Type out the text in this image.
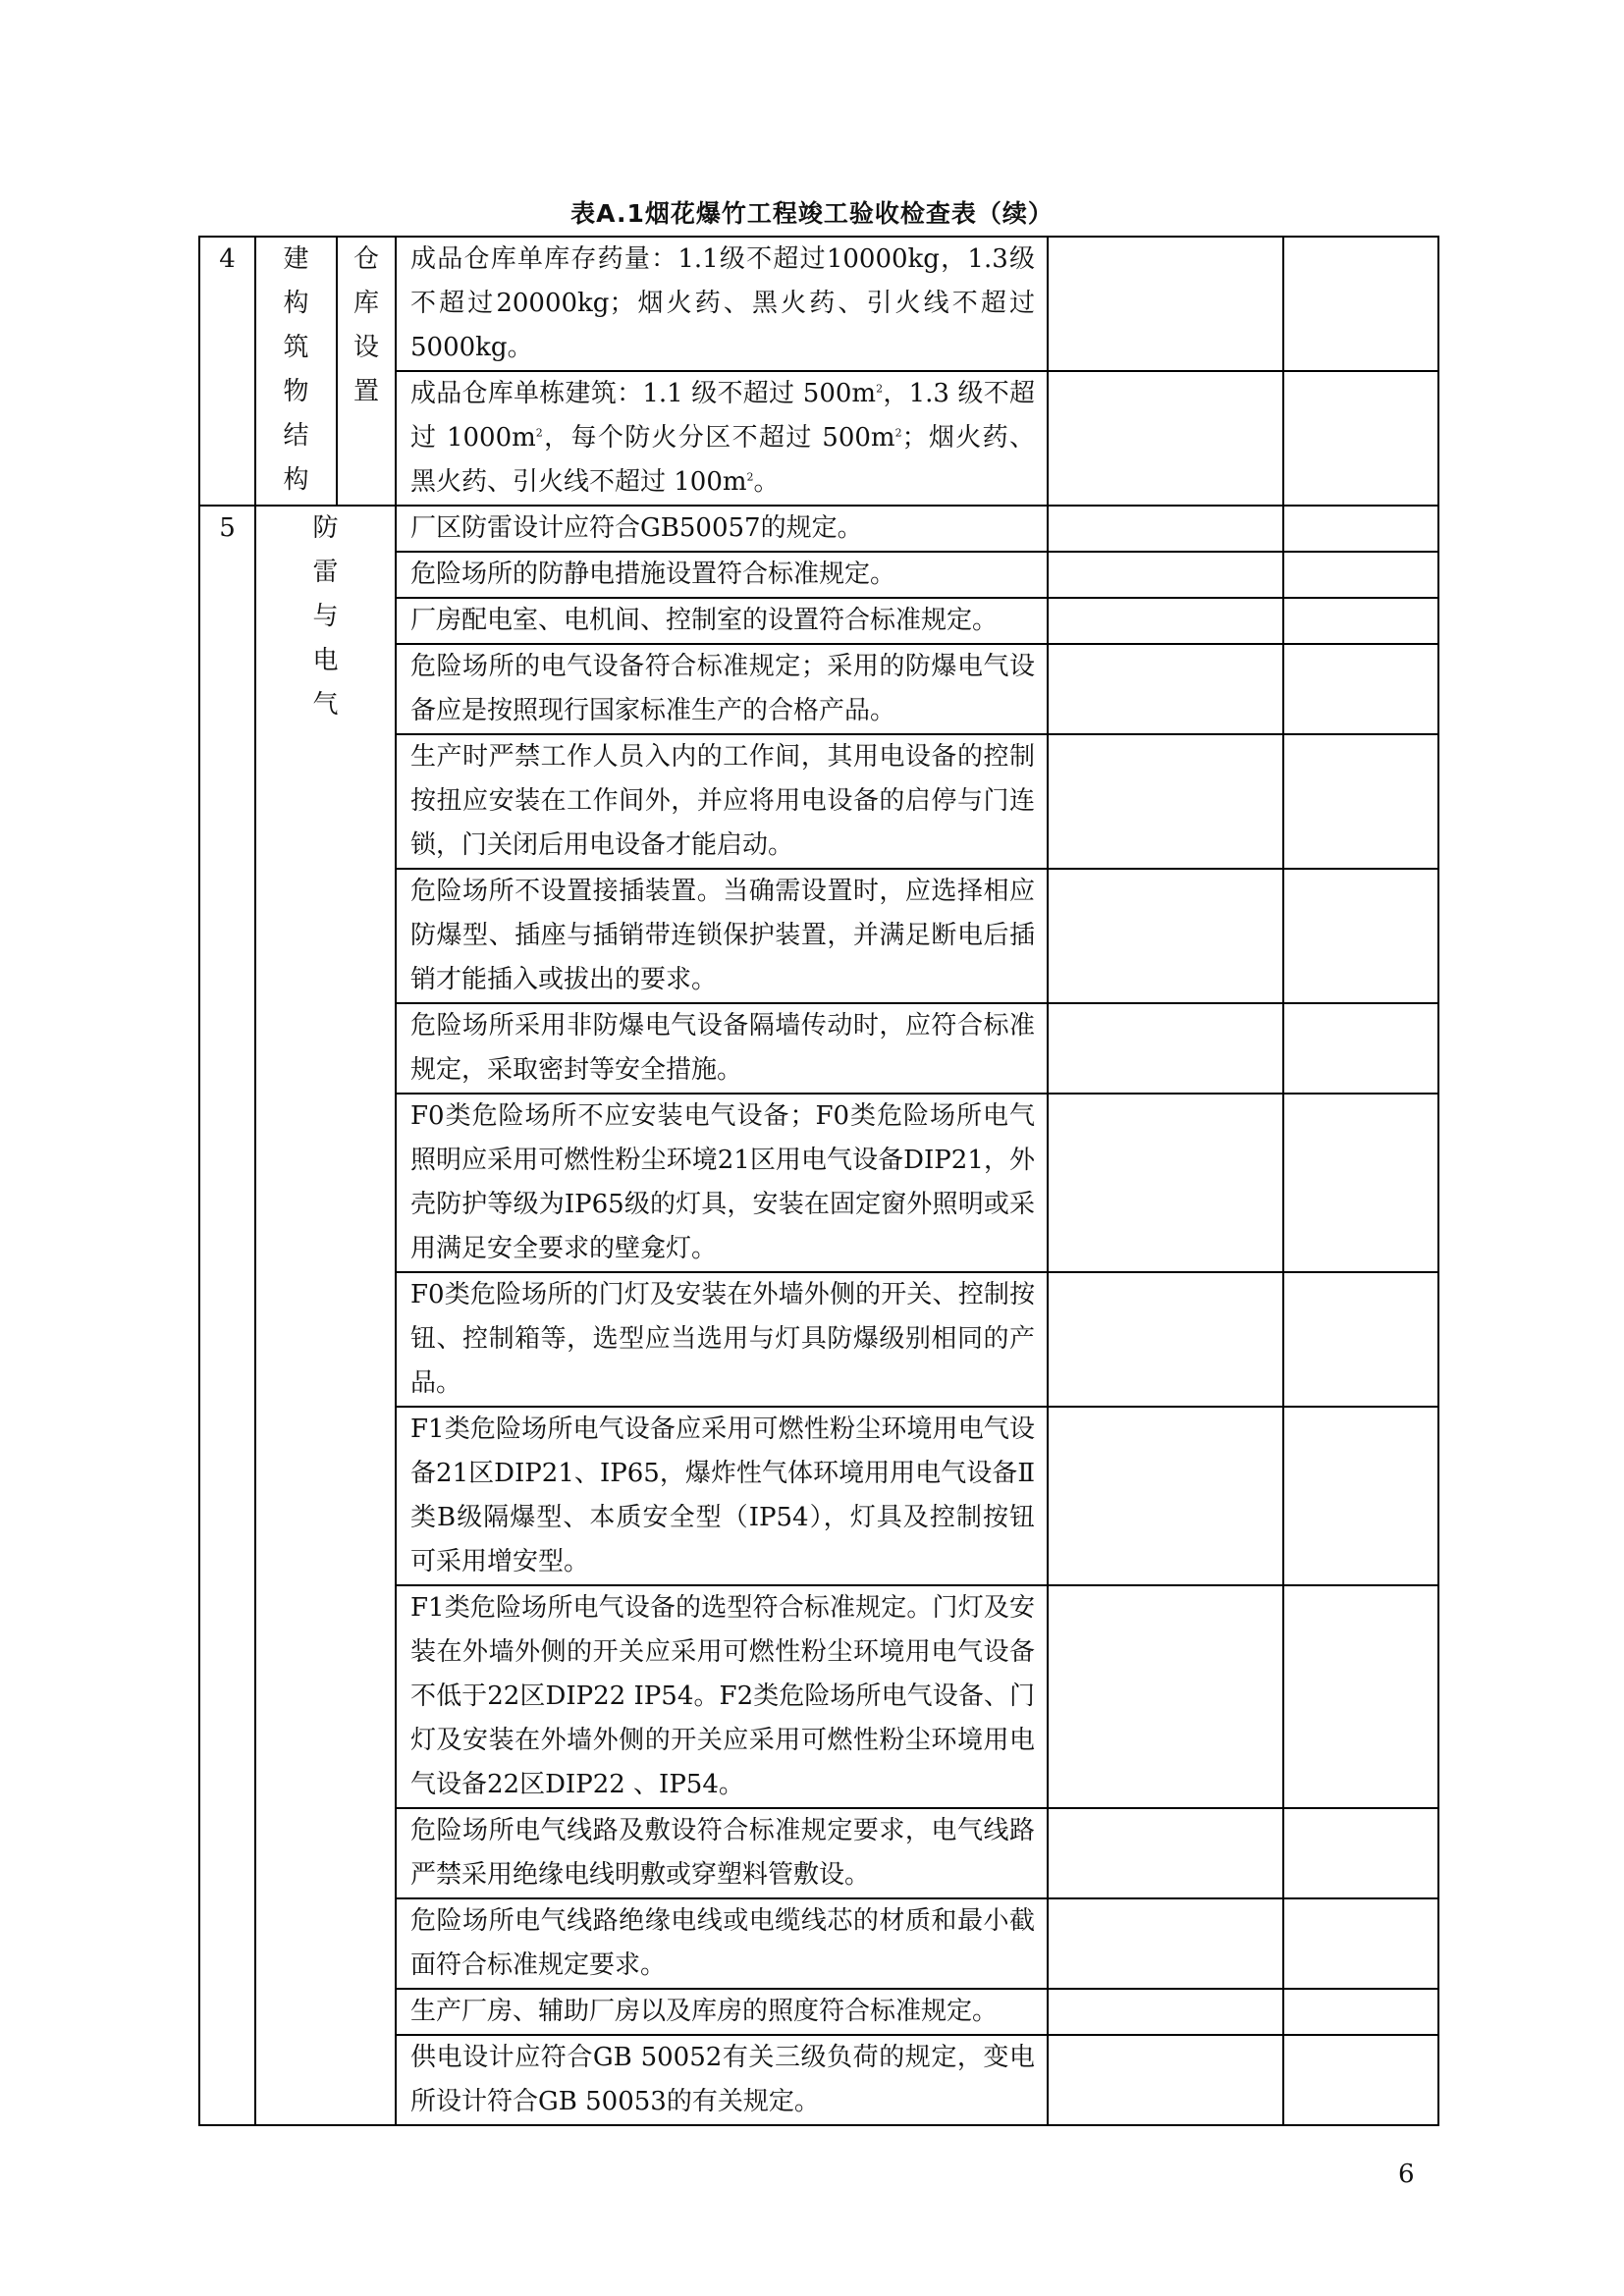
表A.1烟花爆竹工程竣工验收检查表（续）
4	建构筑物结构	仓库设置	成品仓库单库存药量：1.1级不超过10000kg，1.3级不超过20000kg；烟火药、黑火药、引火线不超过5000kg。		
			成品仓库单栋建筑：1.1 级不超过 $500m^2$，1.3 级不超过 $1000m^2$，每个防火分区不超过 $500m^2$；烟火药、黑火药、引火线不超过 $100m^2$。		
5	防雷与电气		厂区防雷设计应符合GB50057的规定。		
			危险场所的防静电措施设置符合标准规定。		
			厂房配电室、电机间、控制室的设置符合标准规定。		
			危险场所的电气设备符合标准规定；采用的防爆电气设备应是按照现行国家标准生产的合格产品。		
			生产时严禁工作人员入内的工作间，其用电设备的控制按扭应安装在工作间外，并应将用电设备的启停与门连锁，门关闭后用电设备才能启动。		
			危险场所不设置接插装置。当确需设置时，应选择相应防爆型、插座与插销带连锁保护装置，并满足断电后插销才能插入或拔出的要求。		
			危险场所采用非防爆电气设备隔墙传动时，应符合标准规定，采取密封等安全措施。		
			F0类危险场所不应安装电气设备；F0类危险场所电气照明应采用可燃性粉尘环境21区用电气设备DIP21，外壳防护等级为IP65级的灯具，安装在固定窗外照明或采用满足安全要求的壁龛灯。		
			F0类危险场所的门灯及安装在外墙外侧的开关、控制按钮、控制箱等，选型应当选用与灯具防爆级别相同的产品。		
			F1类危险场所电气设备应采用可燃性粉尘环境用电气设备21区DIP21、IP65，爆炸性气体环境用用电气设备Ⅱ类B级隔爆型、本质安全型（IP54），灯具及控制按钮可采用增安型。		
			F1类危险场所电气设备的选型符合标准规定。门灯及安装在外墙外侧的开关应采用可燃性粉尘环境用电气设备不低于22区DIP22 IP54。F2类危险场所电气设备、门灯及安装在外墙外侧的开关应采用可燃性粉尘环境用电气设备22区DIP22 、IP54。		
			危险场所电气线路及敷设符合标准规定要求，电气线路严禁采用绝缘电线明敷或穿塑料管敷设。		
			危险场所电气线路绝缘电线或电缆线芯的材质和最小截面符合标准规定要求。		
			生产厂房、辅助厂房以及库房的照度符合标准规定。		
			供电设计应符合GB 50052有关三级负荷的规定，变电所设计符合GB 50053的有关规定。		
6
